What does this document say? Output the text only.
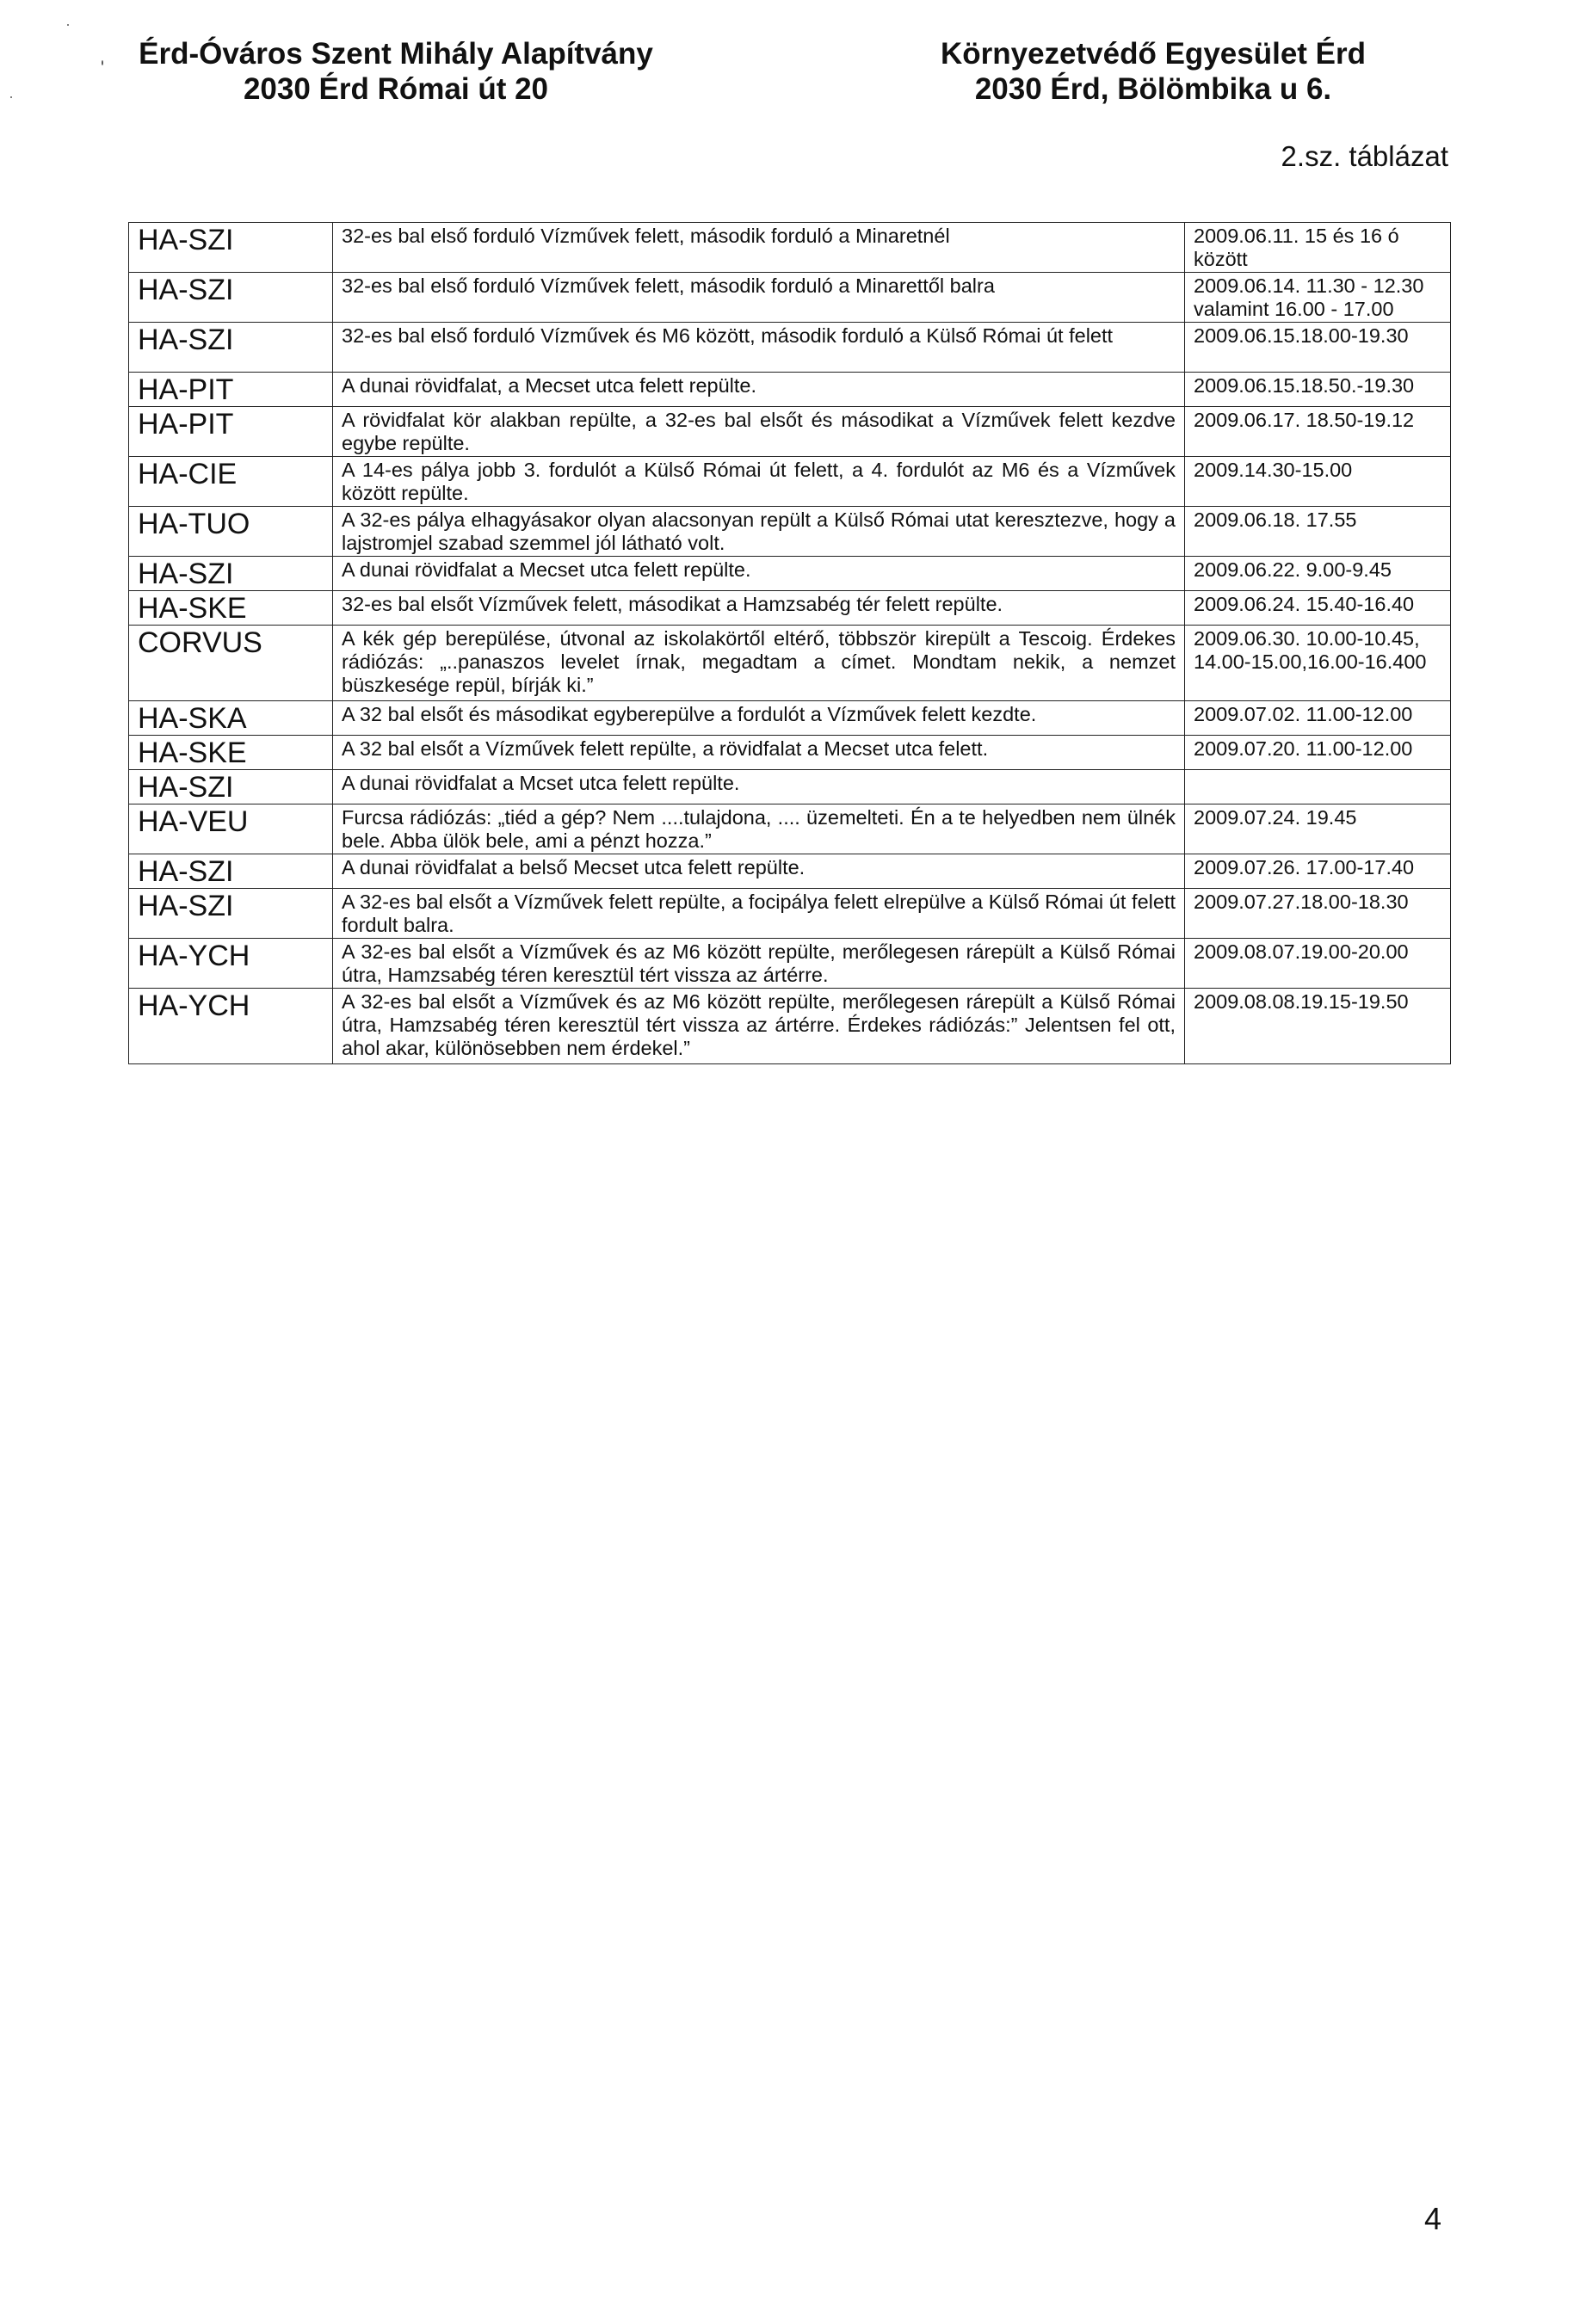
Érd-Óváros Szent Mihály Alapítvány
2030 Érd Római út 20
Környezetvédő Egyesület Érd
2030 Érd, Bölömbika u 6.
2.sz. táblázat
HA-SZI	32-es bal első forduló Vízművek felett, második forduló a Minaretnél	2009.06.11. 15 és 16 ó között
HA-SZI	32-es bal első forduló Vízművek felett, második forduló a Minarettől balra	2009.06.14. 11.30 - 12.30 valamint 16.00 - 17.00
HA-SZI	32-es bal első forduló Vízművek és M6 között, második forduló a Külső Római út felett	2009.06.15.18.00-19.30
HA-PIT	A dunai rövidfalat, a Mecset utca felett repülte.	2009.06.15.18.50.-19.30
HA-PIT	A rövidfalat kör alakban repülte, a 32-es bal elsőt és másodikat a Vízművek felett kezdve egybe repülte.	2009.06.17. 18.50-19.12
HA-CIE	A 14-es pálya jobb 3. fordulót a Külső Római út felett, a 4. fordulót az M6 és a Vízművek között repülte.	2009.14.30-15.00
HA-TUO	A 32-es pálya elhagyásakor olyan alacsonyan repült a Külső Római utat keresztezve, hogy a lajstromjel szabad szemmel jól látható volt.	2009.06.18. 17.55
HA-SZI	A dunai rövidfalat a Mecset utca felett repülte.	2009.06.22. 9.00-9.45
HA-SKE	32-es bal elsőt Vízművek felett, másodikat a Hamzsabég tér felett repülte.	2009.06.24. 15.40-16.40
CORVUS	A kék gép berepülése, útvonal az iskolakörtől eltérő, többször kirepült a Tescoig. Érdekes rádiózás: „..panaszos levelet írnak, megadtam a címet. Mondtam nekik, a nemzet büszkesége repül, bírják ki.”	2009.06.30. 10.00-10.45, 14.00-15.00,16.00-16.400
HA-SKA	A 32 bal elsőt és másodikat egyberepülve a fordulót a Vízművek felett kezdte.	2009.07.02. 11.00-12.00
HA-SKE	A 32 bal elsőt a Vízművek felett repülte, a rövidfalat a Mecset utca felett.	2009.07.20. 11.00-12.00
HA-SZI	A dunai rövidfalat a Mcset utca felett repülte.	
HA-VEU	Furcsa rádiózás: „tiéd a gép? Nem ....tulajdona, .... üzemelteti. Én a te helyedben nem ülnék bele. Abba ülök bele, ami a pénzt hozza.”	2009.07.24. 19.45
HA-SZI	A dunai rövidfalat a belső Mecset utca felett repülte.	2009.07.26. 17.00-17.40
HA-SZI	A 32-es bal elsőt a Vízművek felett repülte, a focipálya felett elrepülve a Külső Római út felett fordult balra.	2009.07.27.18.00-18.30
HA-YCH	A 32-es bal elsőt a Vízművek és az M6 között repülte, merőlegesen rárepült a Külső Római útra, Hamzsabég téren keresztül tért vissza az ártérre.	2009.08.07.19.00-20.00
HA-YCH	A 32-es bal elsőt a Vízművek és az M6 között repülte, merőlegesen rárepült a Külső Római útra, Hamzsabég téren keresztül tért vissza az ártérre. Érdekes rádiózás:” Jelentsen fel ott, ahol akar, különösebben nem érdekel.”	2009.08.08.19.15-19.50
4
